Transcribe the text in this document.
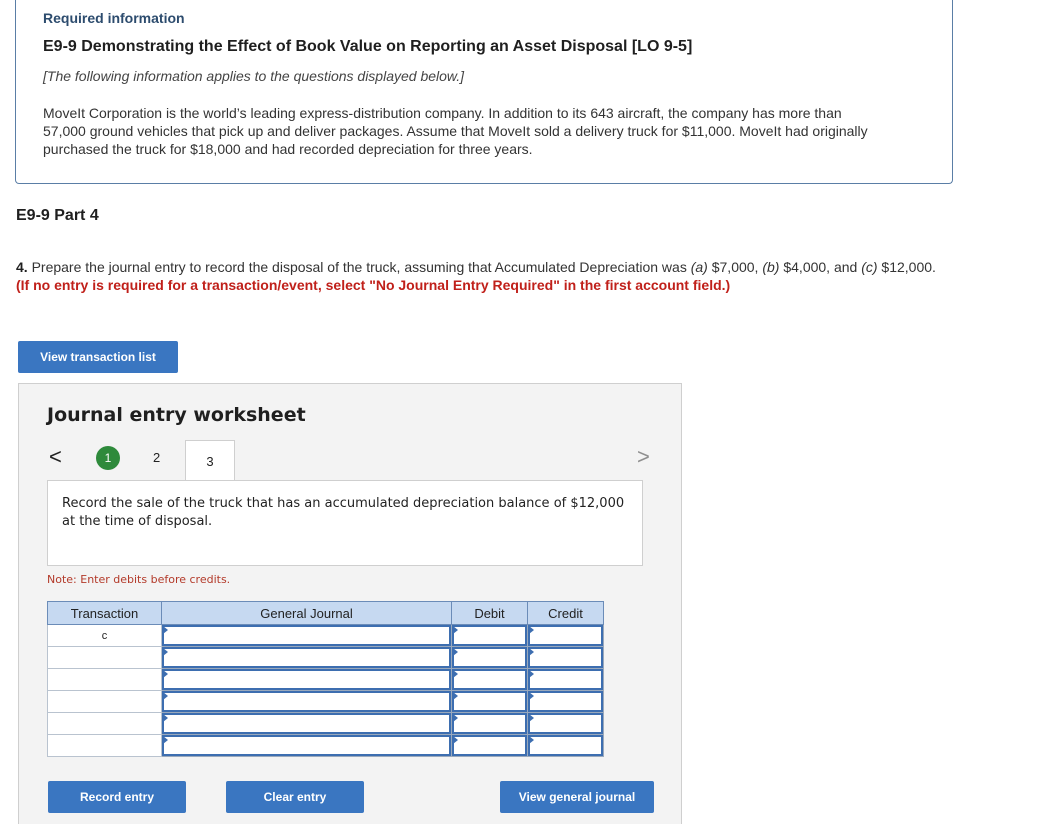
Required information
E9-9 Demonstrating the Effect of Book Value on Reporting an Asset Disposal [LO 9-5]
[The following information applies to the questions displayed below.]
MoveIt Corporation is the world’s leading express-distribution company. In addition to its 643 aircraft, the company has more than 57,000 ground vehicles that pick up and deliver packages. Assume that MoveIt sold a delivery truck for $11,000. MoveIt had originally purchased the truck for $18,000 and had recorded depreciation for three years.
E9-9 Part 4
4. Prepare the journal entry to record the disposal of the truck, assuming that Accumulated Depreciation was (a) $7,000, (b) $4,000, and (c) $12,000. (If no entry is required for a transaction/event, select "No Journal Entry Required" in the first account field.)
View transaction list
Journal entry worksheet
<	1	2	3	>
Record the sale of the truck that has an accumulated depreciation balance of $12,000 at the time of disposal.
Note: Enter debits before credits.
Transaction	General Journal	Debit	Credit
c	

Record entry	Clear entry	View general journal
